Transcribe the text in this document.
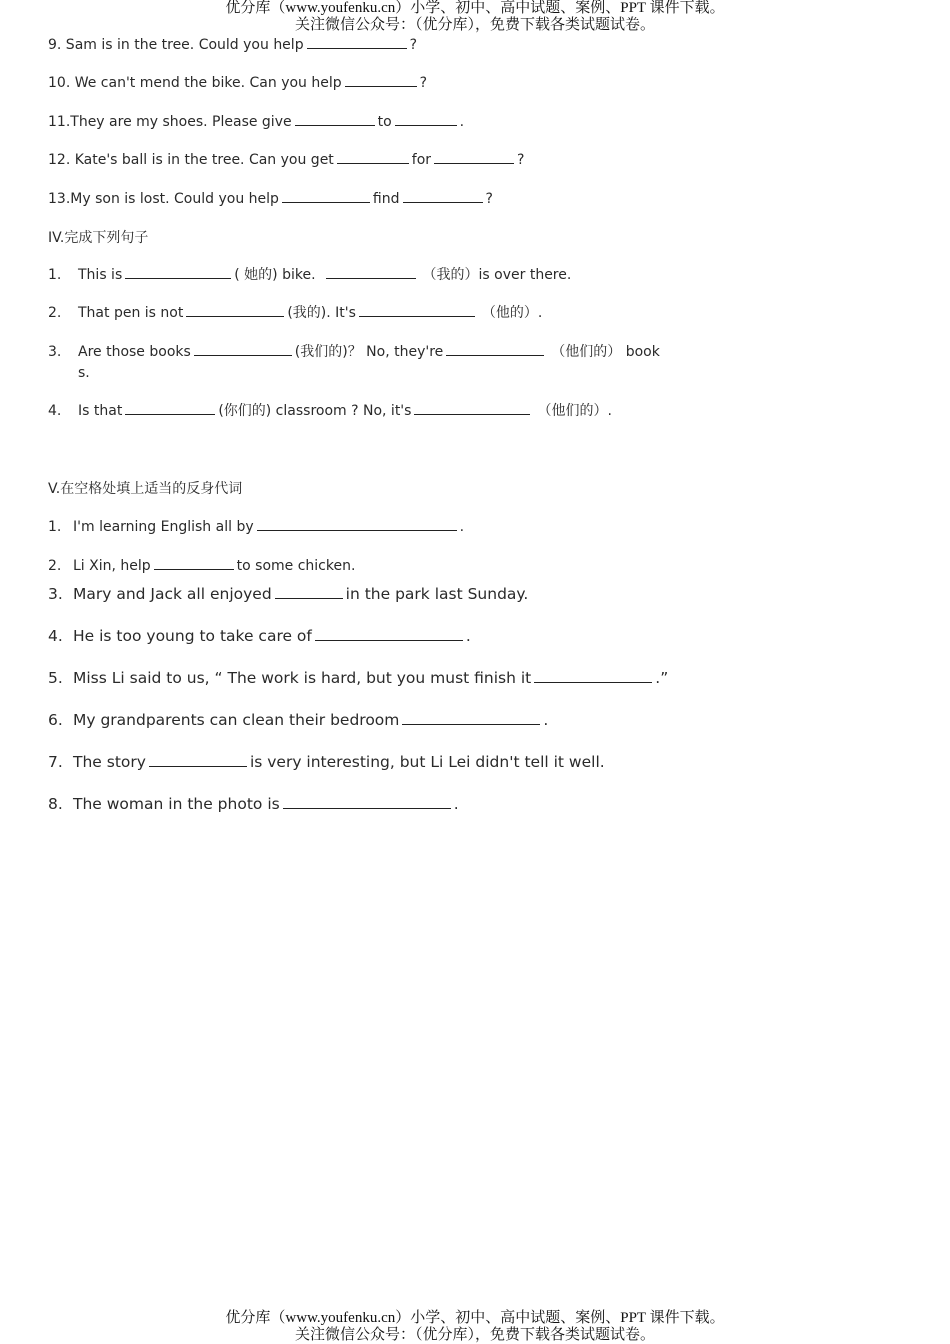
优分库（www.youfenku.cn）小学、初中、高中试题、案例、PPT 课件下载。
关注微信公众号：（优分库），免费下载各类试题试卷。
9. Sam is in the tree. Could you help	?
10. We can't mend the bike. Can you help	?
11.They are my shoes. Please give	to	.
12. Kate's ball is in the tree. Can you get	for	?
13.My son is lost. Could you help	find	?
IV.完成下列句子
1. This is	( 她的) bike.	（我的）is over there.
2. That pen is not	(我的). It's	（他的）.
3. Are those books	(我们的)？ No, they're	（他们的） book
s.
4. Is that	(你们的) classroom ? No, it's	（他们的）.
V.在空格处填上适当的反身代词
1. I'm learning English all by	.
2. Li Xin, help	to some chicken.
3. Mary and Jack all enjoyed	in the park last Sunday.
4. He is too young to take care of	.
5. Miss Li said to us, “ The work is hard, but you must finish it	.”
6. My grandparents can clean their bedroom	.
7. The story	is very interesting, but Li Lei didn't tell it well.
8. The woman in the photo is	.
优分库（www.youfenku.cn）小学、初中、高中试题、案例、PPT 课件下载。
关注微信公众号：（优分库），免费下载各类试题试卷。
